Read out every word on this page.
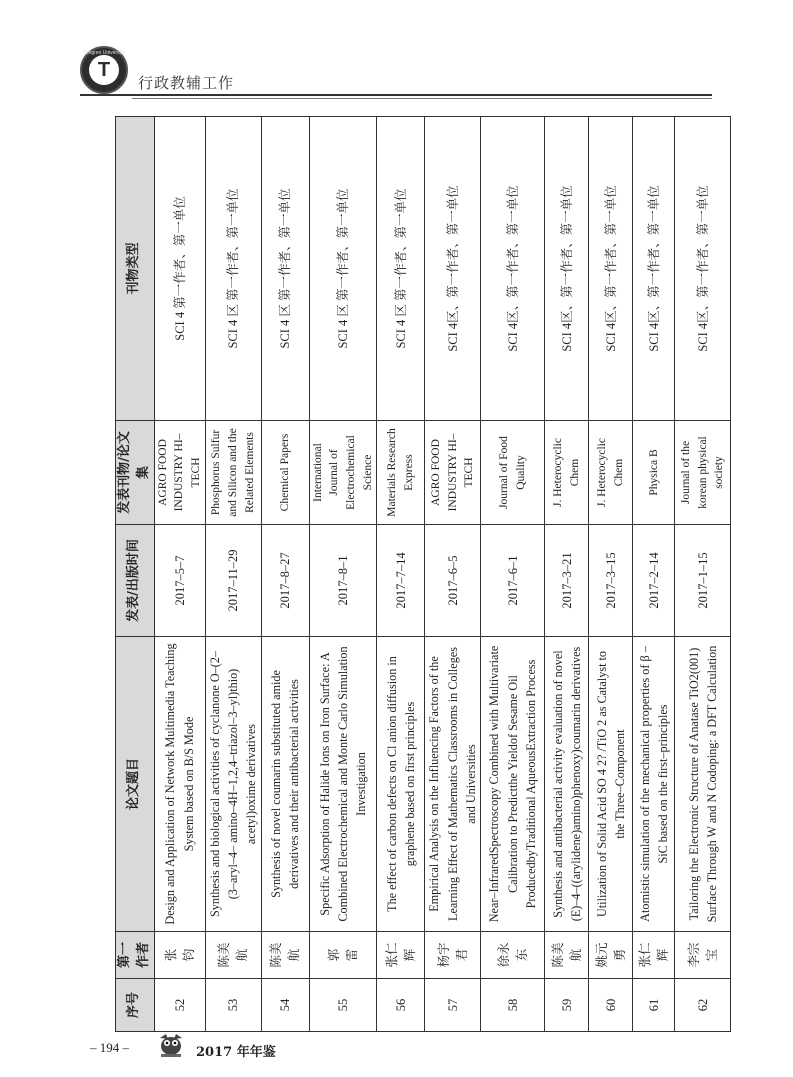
Tongren University
T
行政教辅工作
序号	第一作者	论文题目	发表/出版时间	发表刊物/论文集	刊物类型
52	张　钧	Design and Application of Network Multimedia Teaching System based on B/S Mode	2017–5–7	AGRO FOOD INDUSTRY HI–TECH	SCI 4 第一作者、第一单位
53	陈美航	Synthesis and biological activities of cyclanone O–(2–(3–aryl–4– amino–4H–1,2,4–triazol–3–yl)thio) acetyl)oxime derivatives	2017–11–29	Phosphorus Sulfur and Silicon and the Related Elements	SCI 4 区 第一作者、第一单位
54	陈美航	Synthesis of novel coumarin substituted amide derivatives and their antibacterial activities	2017–8–27	Chemical Papers	SCI 4 区 第一作者、第一单位
55	郭　雷	Specific Adsorption of Halide Ions on Iron Surface: A Combined Electrochemical and Monte Carlo Simulation Investigation	2017–8–1	International Journal of Electrochemical Science	SCI 4 区 第一作者、第一单位
56	张仁辉	The effect of carbon defects on Cl anion diffusion in graphene based on first principles	2017–7–14	Materials Research Express	SCI 4 区 第一作者、第一单位
57	杨宇君	Empirical Analysis on the Influencing Factors of the Learning Effect of Mathematics Classrooms in Colleges and Universities	2017–6–5	AGRO FOOD INDUSTRY HI–TECH	SCI 4区、第一作者、第一单位
58	徐永东	Near–InfraredSpectroscopy Combined with Multivariate Calibration to Predictthe Yieldof Sesame Oil ProducedbyTraditional AqueousExtraction Process	2017–6–1	Journal of Food Quality	SCI 4区、第一作者、第一单位
59	陈美航	Synthesis and antibacterial activity evaluation of novel (E)–4–((arylidene)amino)phenoxy)coumarin derivatives	2017–3–21	J. Heterocyclic Chem	SCI 4区、第一作者、第一单位
60	姚元勇	Utilization of Solid Acid SO 4 2? /TiO 2 as Catalyst to the Three–Component	2017–3–15	J. Heterocyclic Chem	SCI 4区、第一作者、第一单位
61	张仁辉	Atomistic simulation of the mechanical properties of β –SiC based on the first–principles	2017–2–14	Physica B	SCI 4区、第一作者、第一单位
62	李宗宝	Tailoring the Electronic Structure of Anatase TiO2(001) Surface Through W and N Codoping: a DFT Calculation	2017–1–15	Journal of the korean physical society	SCI 4区、第一作者、第一单位
– 194 –	2017 年年鉴
